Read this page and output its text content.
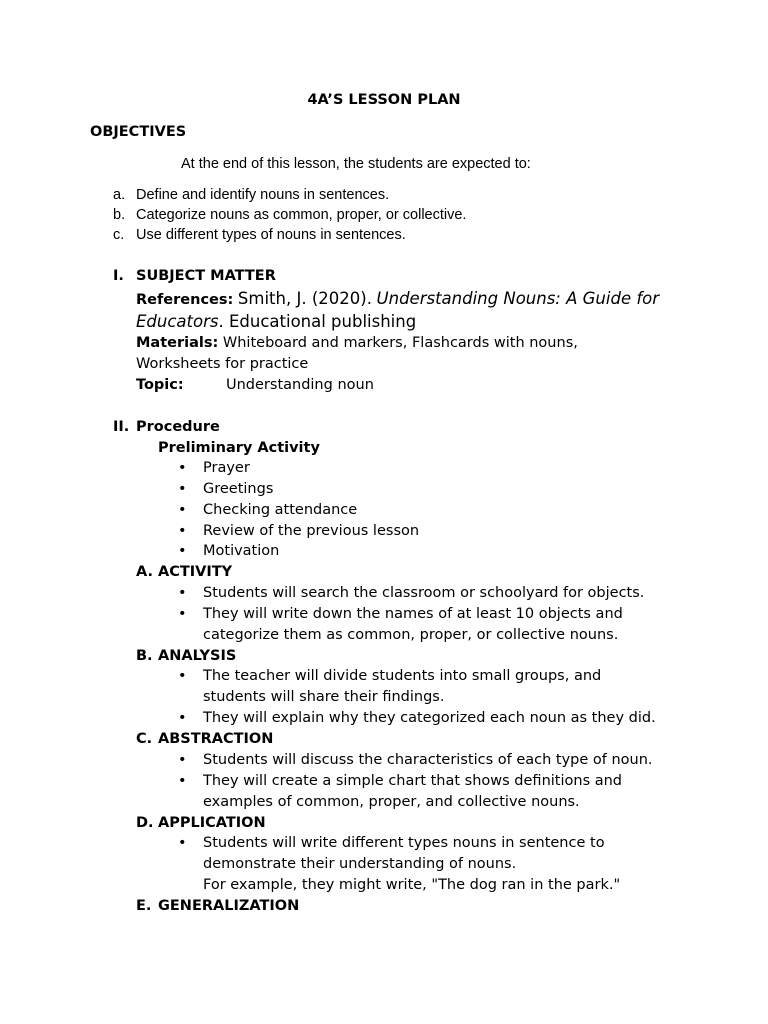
4A’S LESSON PLAN
OBJECTIVES
At the end of this lesson, the students are expected to:
a. Define and identify nouns in sentences.
b. Categorize nouns as common, proper, or collective.
c. Use different types of nouns in sentences.
I. SUBJECT MATTER
References: Smith, J. (2020). Understanding Nouns: A Guide for
Educators. Educational publishing
Materials: Whiteboard and markers, Flashcards with nouns,
Worksheets for practice
Topic:	Understanding noun
II. Procedure
Preliminary Activity
• Prayer
• Greetings
• Checking attendance
• Review of the previous lesson
• Motivation
A. ACTIVITY
• Students will search the classroom or schoolyard for objects.
• They will write down the names of at least 10 objects and
categorize them as common, proper, or collective nouns.
B. ANALYSIS
• The teacher will divide students into small groups, and
students will share their findings.
• They will explain why they categorized each noun as they did.
C. ABSTRACTION
• Students will discuss the characteristics of each type of noun.
• They will create a simple chart that shows definitions and
examples of common, proper, and collective nouns.
D. APPLICATION
• Students will write different types nouns in sentence to
demonstrate their understanding of nouns.
For example, they might write, "The dog ran in the park."
E. GENERALIZATION
